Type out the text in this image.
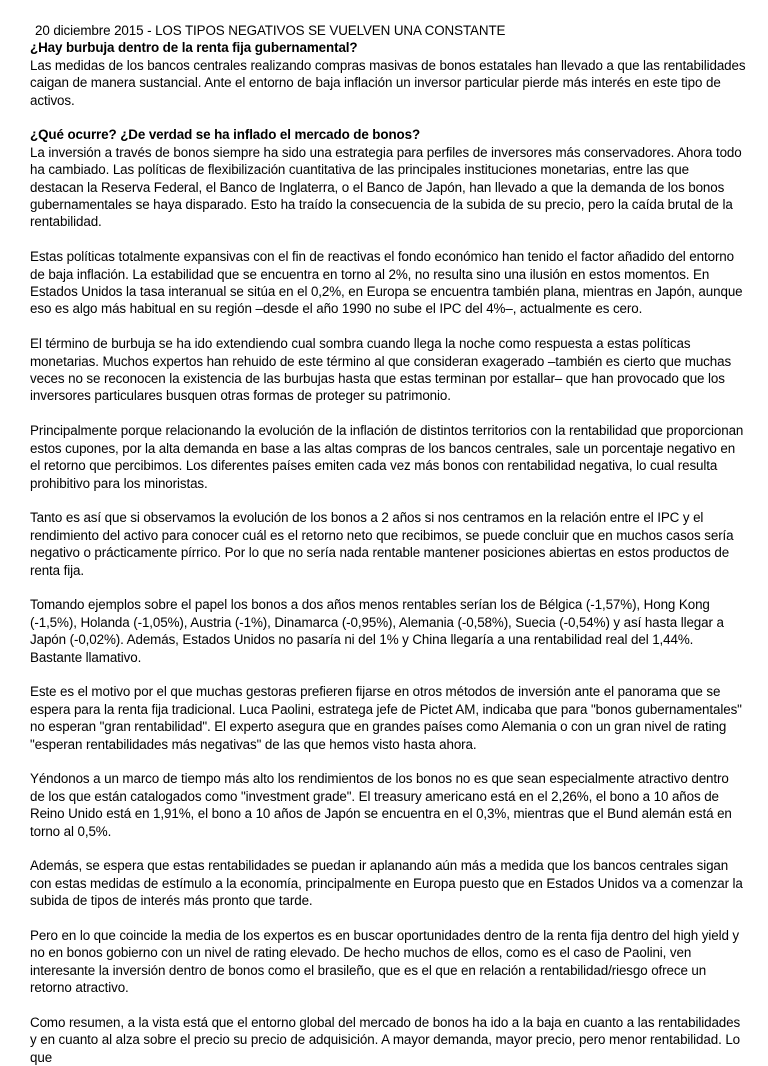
20 diciembre 2015 - LOS TIPOS NEGATIVOS SE VUELVEN UNA CONSTANTE

¿Hay burbuja dentro de la renta fija gubernamental?

Las medidas de los bancos centrales realizando compras masivas de bonos estatales han llevado a que las rentabilidades caigan de manera sustancial. Ante el entorno de baja inflación un inversor particular pierde más interés en este tipo de activos.

¿Qué ocurre? ¿De verdad se ha inflado el mercado de bonos?

La inversión a través de bonos siempre ha sido una estrategia para perfiles de inversores más conservadores. Ahora todo ha cambiado. Las políticas de flexibilización cuantitativa de las principales instituciones monetarias, entre las que destacan la Reserva Federal, el Banco de Inglaterra, o el Banco de Japón, han llevado a que la demanda de los bonos gubernamentales se haya disparado. Esto ha traído la consecuencia de la subida de su precio, pero la caída brutal de la rentabilidad.

Estas políticas totalmente expansivas con el fin de reactivas el fondo económico han tenido el factor añadido del entorno de baja inflación. La estabilidad que se encuentra en torno al 2%, no resulta sino una ilusión en estos momentos. En Estados Unidos la tasa interanual se sitúa en el 0,2%, en Europa se encuentra también plana, mientras en Japón, aunque eso es algo más habitual en su región –desde el año 1990 no sube el IPC del 4%–, actualmente es cero.

El término de burbuja se ha ido extendiendo cual sombra cuando llega la noche como respuesta a estas políticas monetarias. Muchos expertos han rehuido de este término al que consideran exagerado –también es cierto que muchas veces no se reconocen la existencia de las burbujas hasta que estas terminan por estallar– que han provocado que los inversores particulares busquen otras formas de proteger su patrimonio.

Principalmente porque relacionando la evolución de la inflación de distintos territorios con la rentabilidad que proporcionan estos cupones, por la alta demanda en base a las altas compras de los bancos centrales, sale un porcentaje negativo en el retorno que percibimos. Los diferentes países emiten cada vez más bonos con rentabilidad negativa, lo cual resulta prohibitivo para los minoristas.

Tanto es así que si observamos la evolución de los bonos a 2 años si nos centramos en la relación entre el IPC y el rendimiento del activo para conocer cuál es el retorno neto que recibimos, se puede concluir que en muchos casos sería negativo o prácticamente pírrico. Por lo que no sería nada rentable mantener posiciones abiertas en estos productos de renta fija.

Tomando ejemplos sobre el papel los bonos a dos años menos rentables serían los de Bélgica (-1,57%), Hong Kong (-1,5%), Holanda (-1,05%), Austria (-1%), Dinamarca (-0,95%), Alemania (-0,58%), Suecia (-0,54%) y así hasta llegar a Japón (-0,02%). Además, Estados Unidos no pasaría ni del 1% y China llegaría a una rentabilidad real del 1,44%. Bastante llamativo.

Este es el motivo por el que muchas gestoras prefieren fijarse en otros métodos de inversión ante el panorama que se espera para la renta fija tradicional. Luca Paolini, estratega jefe de Pictet AM, indicaba que para "bonos gubernamentales" no esperan "gran rentabilidad". El experto asegura que en grandes países como Alemania o con un gran nivel de rating "esperan rentabilidades más negativas" de las que hemos visto hasta ahora.

Yéndonos a un marco de tiempo más alto los rendimientos de los bonos no es que sean especialmente atractivo dentro de los que están catalogados como "investment grade". El treasury americano está en el 2,26%, el bono a 10 años de Reino Unido está en 1,91%, el bono a 10 años de Japón se encuentra en el 0,3%, mientras que el Bund alemán está en torno al 0,5%.

Además, se espera que estas rentabilidades se puedan ir aplanando aún más a medida que los bancos centrales sigan con estas medidas de estímulo a la economía, principalmente en Europa puesto que en Estados Unidos va a comenzar la subida de tipos de interés más pronto que tarde.

Pero en lo que coincide la media de los expertos es en buscar oportunidades dentro de la renta fija dentro del high yield y no en bonos gobierno con un nivel de rating elevado. De hecho muchos de ellos, como es el caso de Paolini, ven interesante la inversión dentro de bonos como el brasileño, que es el que en relación a rentabilidad/riesgo ofrece un retorno atractivo.

Como resumen, a la vista está que el entorno global del mercado de bonos ha ido a la baja en cuanto a las rentabilidades y en cuanto al alza sobre el precio su precio de adquisición. A mayor demanda, mayor precio, pero menor rentabilidad. Lo que
